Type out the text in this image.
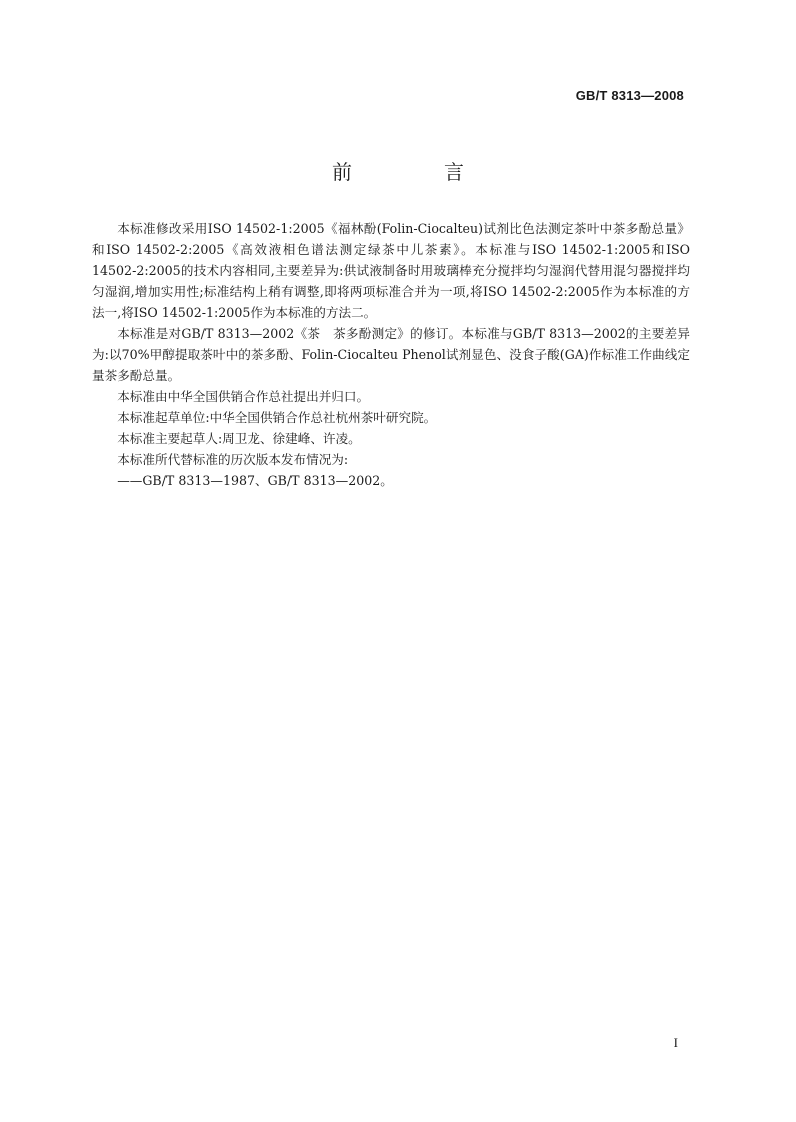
GB/T 8313—2008
前　言

本标准修改采用ISO 14502-1:2005《福林酚(Folin-Ciocalteu)试剂比色法测定茶叶中茶多酚总量》和ISO 14502-2:2005《高效液相色谱法测定绿茶中儿茶素》。本标准与ISO 14502-1:2005和ISO 14502-2:2005的技术内容相同,主要差异为:供试液制备时用玻璃棒充分搅拌均匀湿润代替用混匀器搅拌均匀湿润,增加实用性;标准结构上稍有调整,即将两项标准合并为一项,将ISO 14502-2:2005作为本标准的方法一,将ISO 14502-1:2005作为本标准的方法二。

本标准是对GB/T 8313—2002《茶　茶多酚测定》的修订。本标准与GB/T 8313—2002的主要差异为:以70%甲醇提取茶叶中的茶多酚、Folin-Ciocalteu Phenol试剂显色、没食子酸(GA)作标准工作曲线定量茶多酚总量。

本标准由中华全国供销合作总社提出并归口。

本标准起草单位:中华全国供销合作总社杭州茶叶研究院。

本标准主要起草人:周卫龙、徐建峰、许凌。

本标准所代替标准的历次版本发布情况为:

——GB/T 8313—1987、GB/T 8313—2002。

I
